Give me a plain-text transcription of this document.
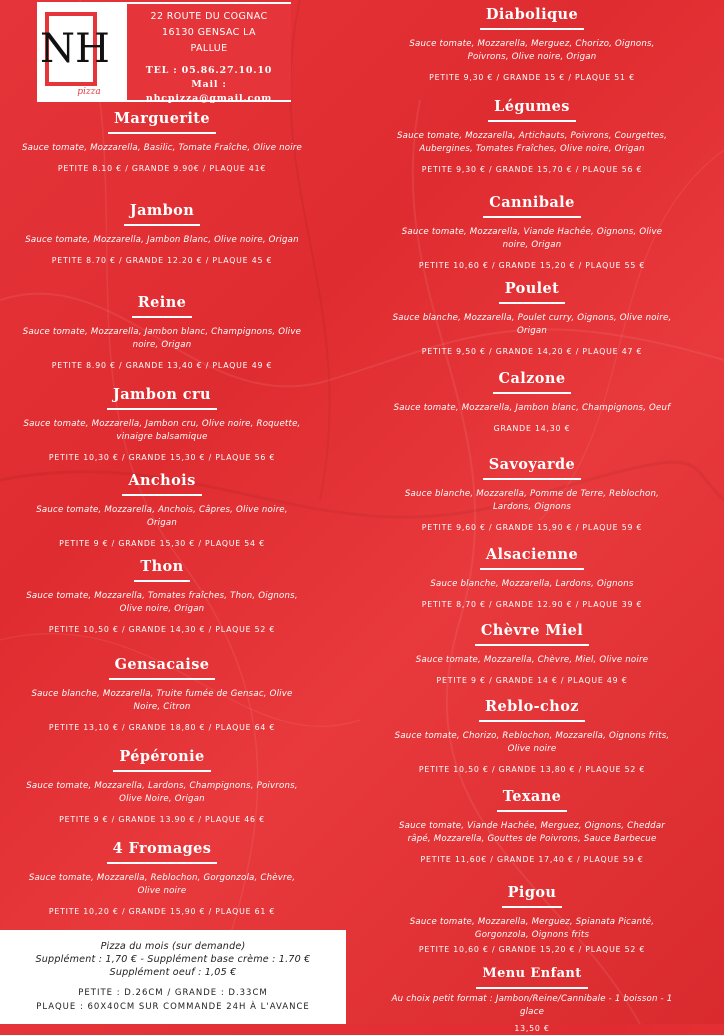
NH
pizza
22 ROUTE DU COGNAC
16130 GENSAC LA
PALLUE
TEL : 05.86.27.10.10
Mail : nhcpizza@gmail.com
Marguerite
Sauce tomate, Mozzarella, Basilic, Tomate Fraîche, Olive noire
PETITE 8.10 € / GRANDE 9.90€ / PLAQUE 41€
Jambon
Sauce tomate, Mozzarella, Jambon Blanc, Olive noire, Origan
PETITE 8.70 € / GRANDE 12.20 € / PLAQUE 45 €
Reine
Sauce tomate, Mozzarella, Jambon blanc, Champignons, Olive noire, Origan
PETITE 8.90 € / GRANDE 13,40 € / PLAQUE 49 €
Jambon cru
Sauce tomate, Mozzarella, Jambon cru, Olive noire, Roquette, vinaigre balsamique
PETITE 10,30 € / GRANDE 15,30 € / PLAQUE 56 €
Anchois
Sauce tomate, Mozzarella, Anchois, Câpres, Olive noire, Origan
PETITE 9 € / GRANDE 15,30 € / PLAQUE 54 €
Thon
Sauce tomate, Mozzarella, Tomates fraîches, Thon, Oignons, Olive noire, Origan
PETITE 10,50 € / GRANDE 14,30 € / PLAQUE 52 €
Gensacaise
Sauce blanche, Mozzarella, Truite fumée de Gensac, Olive Noire, Citron
PETITE 13,10 € / GRANDE 18,80 € / PLAQUE 64 €
Pépéronie
Sauce tomate, Mozzarella, Lardons, Champignons, Poivrons, Olive Noire, Origan
PETITE 9 € / GRANDE 13.90 € / PLAQUE 46 €
4 Fromages
Sauce tomate, Mozzarella, Reblochon, Gorgonzola, Chèvre, Olive noire
PETITE 10,20 € / GRANDE 15,90 € / PLAQUE 61 €
Diabolique
Sauce tomate, Mozzarella, Merguez, Chorizo, Oignons, Poivrons, Olive noire, Origan
PETITE 9,30 € / GRANDE 15 € / PLAQUE 51 €
Légumes
Sauce tomate, Mozzarella, Artichauts, Poivrons, Courgettes, Aubergines, Tomates Fraîches, Olive noire, Origan
PETITE 9,30 € / GRANDE 15,70 € / PLAQUE 56 €
Cannibale
Sauce tomate, Mozzarella, Viande Hachée, Oignons, Olive noire, Origan
PETITE 10,60 € / GRANDE 15,20 € / PLAQUE 55 €
Poulet
Sauce blanche, Mozzarella, Poulet curry, Oignons, Olive noire, Origan
PETITE 9,50 € / GRANDE 14,20 € / PLAQUE 47 €
Calzone
Sauce tomate, Mozzarella, Jambon blanc, Champignons, Oeuf
GRANDE 14,30 €
Savoyarde
Sauce blanche, Mozzarella, Pomme de Terre, Reblochon, Lardons, Oignons
PETITE 9,60 € / GRANDE 15,90 € / PLAQUE 59 €
Alsacienne
Sauce blanche, Mozzarella, Lardons, Oignons
PETITE 8,70 € / GRANDE 12.90 € / PLAQUE 39 €
Chèvre Miel
Sauce tomate, Mozzarella, Chèvre, Miel, Olive noire
PETITE 9 € / GRANDE 14 € / PLAQUE 49 €
Reblo-choz
Sauce tomate, Chorizo, Reblochon, Mozzarella, Oignons frits, Olive noire
PETITE 10,50 € / GRANDE 13,80 € / PLAQUE 52 €
Texane
Sauce tomate, Viande Hachée, Merguez, Oignons, Cheddar râpé, Mozzarella, Gouttes de Poivrons, Sauce Barbecue
PETITE 11,60€ / GRANDE 17,40 € / PLAQUE 59 €
Pigou
Sauce tomate, Mozzarella, Merguez, Spianata Picanté, Gorgonzola, Oignons frits
PETITE 10,60 € / GRANDE 15,20 € / PLAQUE 52 €
Menu Enfant
Au choix petit format : Jambon/Reine/Cannibale - 1 boisson - 1 glace
13,50 €
Pizza du mois (sur demande)
Supplément : 1,70 € - Supplément base crème : 1.70 €
Supplément oeuf : 1,05 €
PETITE : D.26CM / GRANDE : D.33CM
PLAQUE : 60X40CM SUR COMMANDE 24H À L'AVANCE
